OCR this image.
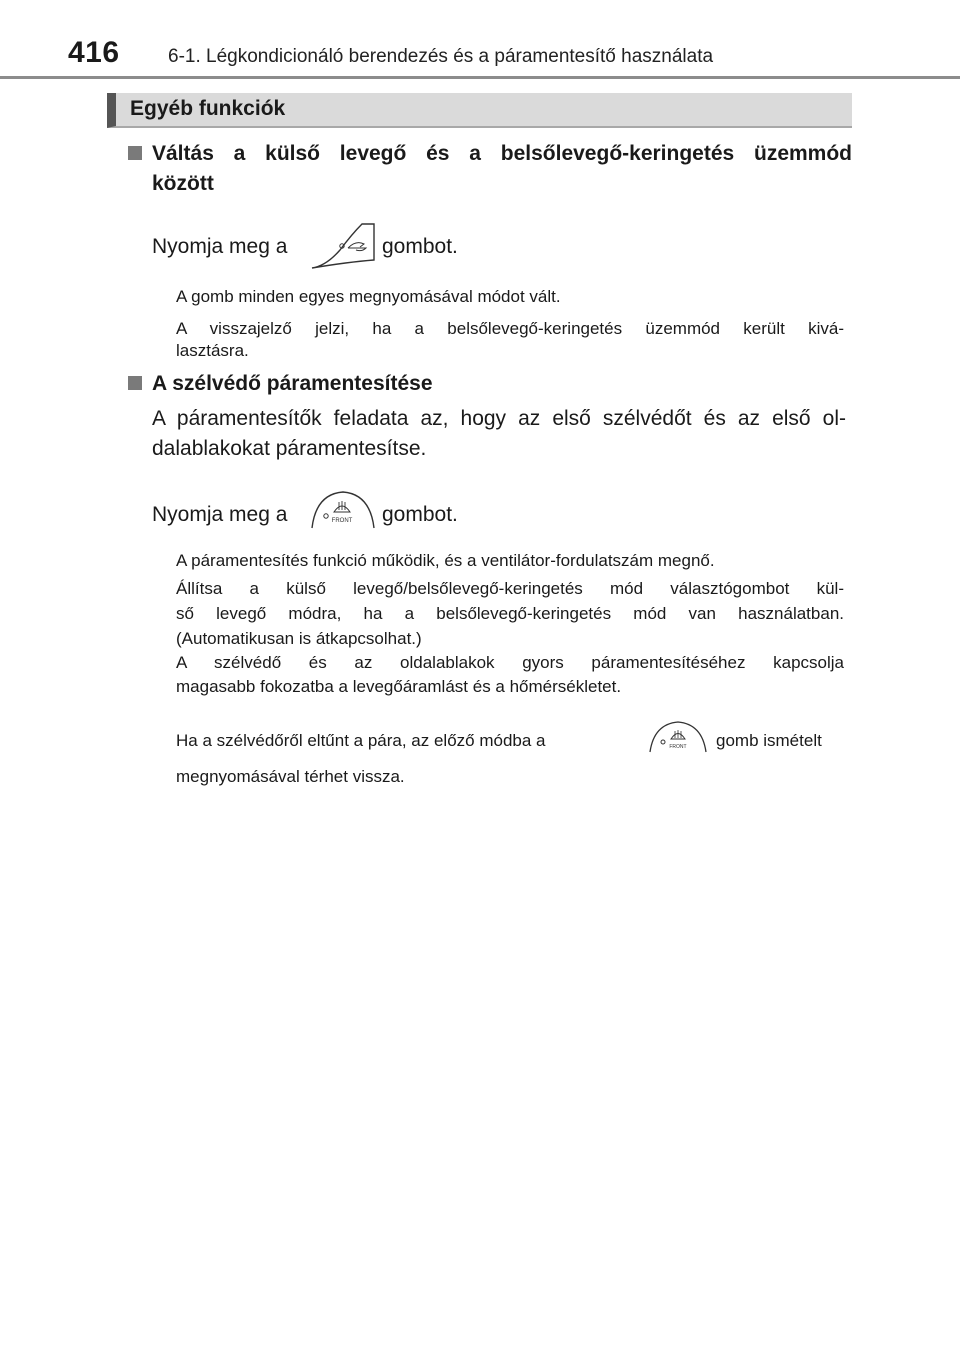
416	6-1. Légkondicionáló berendezés és a páramentesítő használata
Egyéb funkciók
Váltás a külső levegő és a belsőlevegő-keringetés üzemmód
között
Nyomja meg a	gombot.
A gomb minden egyes megnyomásával módot vált.
A visszajelző jelzi, ha a belsőlevegő-keringetés üzemmód került kivá-
lasztásra.
A szélvédő páramentesítése
A páramentesítők feladata az, hogy az első szélvédőt és az első ol-
dalablakokat páramentesítse.
Nyomja meg a	FRONT gombot.
A páramentesítés funkció működik, és a ventilátor-fordulatszám megnő.
Állítsa a külső levegő/belsőlevegő-keringetés mód választógombot kül-
ső levegő módra, ha a belsőlevegő-keringetés mód van használatban.
(Automatikusan is átkapcsolhat.)
A szélvédő és az oldalablakok gyors páramentesítéséhez kapcsolja
magasabb fokozatba a levegőáramlást és a hőmérsékletet.
Ha a szélvédőről eltűnt a pára, az előző módba a	FRONT gomb ismételt
megnyomásával térhet vissza.
